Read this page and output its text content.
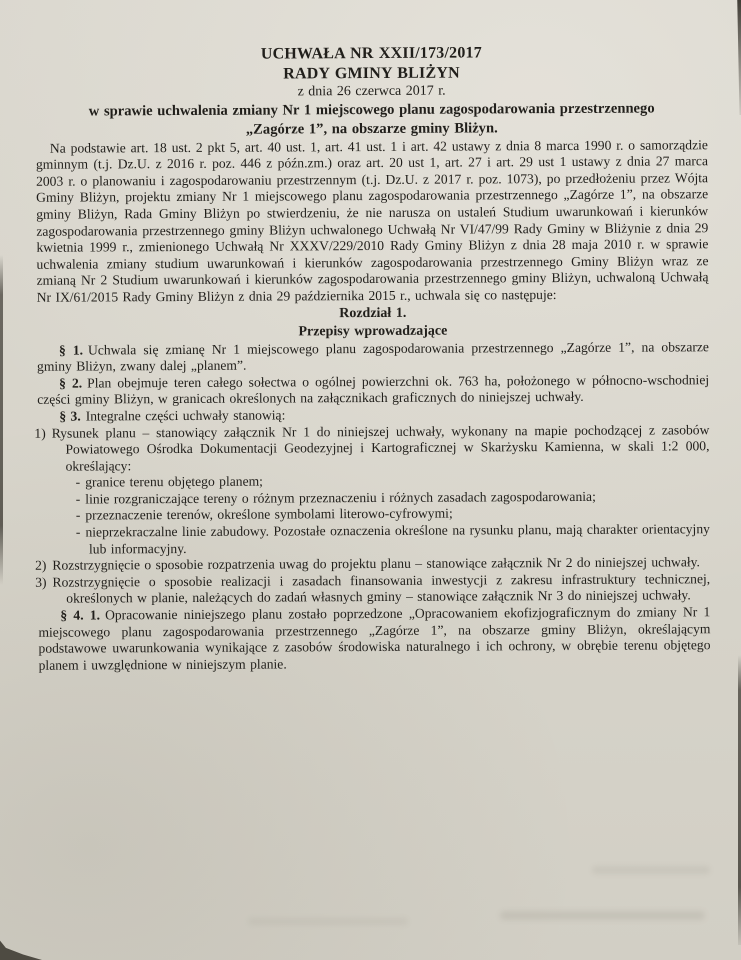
UCHWAŁA NR XXII/173/2017
RADY GMINY BLIŻYN
z dnia 26 czerwca 2017 r.
w sprawie uchwalenia zmiany Nr 1 miejscowego planu zagospodarowania przestrzennego
„Zagórze 1”, na obszarze gminy Bliżyn.

Na podstawie art. 18 ust. 2 pkt 5, art. 40 ust. 1, art. 41 ust. 1 i art. 42 ustawy z dnia 8 marca 1990 r. o samorządzie gminnym (t.j. Dz.U. z 2016 r. poz. 446 z późn.zm.) oraz art. 20 ust 1, art. 27 i art. 29 ust 1 ustawy z dnia 27 marca 2003 r. o planowaniu i zagospodarowaniu przestrzennym (t.j. Dz.U. z 2017 r. poz. 1073), po przedłożeniu przez Wójta Gminy Bliżyn, projektu zmiany Nr 1 miejscowego planu zagospodarowania przestrzennego „Zagórze 1”, na obszarze gminy Bliżyn, Rada Gminy Bliżyn po stwierdzeniu, że nie narusza on ustaleń Studium uwarunkowań i kierunków zagospodarowania przestrzennego gminy Bliżyn uchwalonego Uchwałą Nr VI/47/99 Rady Gminy w Bliżynie z dnia 29 kwietnia 1999 r., zmienionego Uchwałą Nr XXXV/229/2010 Rady Gminy Bliżyn z dnia 28 maja 2010 r. w sprawie uchwalenia zmiany studium uwarunkowań i kierunków zagospodarowania przestrzennego Gminy Bliżyn wraz ze zmianą Nr 2 Studium uwarunkowań i kierunków zagospodarowania przestrzennego gminy Bliżyn, uchwaloną Uchwałą Nr IX/61/2015 Rady Gminy Bliżyn z dnia 29 października 2015 r., uchwala się co następuje:

Rozdział 1.
Przepisy wprowadzające

§ 1. Uchwala się zmianę Nr 1 miejscowego planu zagospodarowania przestrzennego „Zagórze 1”, na obszarze gminy Bliżyn, zwany dalej „planem”.

§ 2. Plan obejmuje teren całego sołectwa o ogólnej powierzchni ok. 763 ha, położonego w północno-wschodniej części gminy Bliżyn, w granicach określonych na załącznikach graficznych do niniejszej uchwały.

§ 3. Integralne części uchwały stanowią:

1) Rysunek planu – stanowiący załącznik Nr 1 do niniejszej uchwały, wykonany na mapie pochodzącej z zasobów Powiatowego Ośrodka Dokumentacji Geodezyjnej i Kartograficznej w Skarżysku Kamienna, w skali 1:2 000, określający:
- granice terenu objętego planem;
- linie rozgraniczające tereny o różnym przeznaczeniu i różnych zasadach zagospodarowania;
- przeznaczenie terenów, określone symbolami literowo-cyfrowymi;
- nieprzekraczalne linie zabudowy. Pozostałe oznaczenia określone na rysunku planu, mają charakter orientacyjny lub informacyjny.
2) Rozstrzygnięcie o sposobie rozpatrzenia uwag do projektu planu – stanowiące załącznik Nr 2 do niniejszej uchwały.
3) Rozstrzygnięcie o sposobie realizacji i zasadach finansowania inwestycji z zakresu infrastruktury technicznej, określonych w planie, należących do zadań własnych gminy – stanowiące załącznik Nr 3 do niniejszej uchwały.

§ 4. 1. Opracowanie niniejszego planu zostało poprzedzone „Opracowaniem ekofizjograficznym do zmiany Nr 1 miejscowego planu zagospodarowania przestrzennego „Zagórze 1”, na obszarze gminy Bliżyn, określającym podstawowe uwarunkowania wynikające z zasobów środowiska naturalnego i ich ochrony, w obrębie terenu objętego planem i uwzględnione w niniejszym planie.
